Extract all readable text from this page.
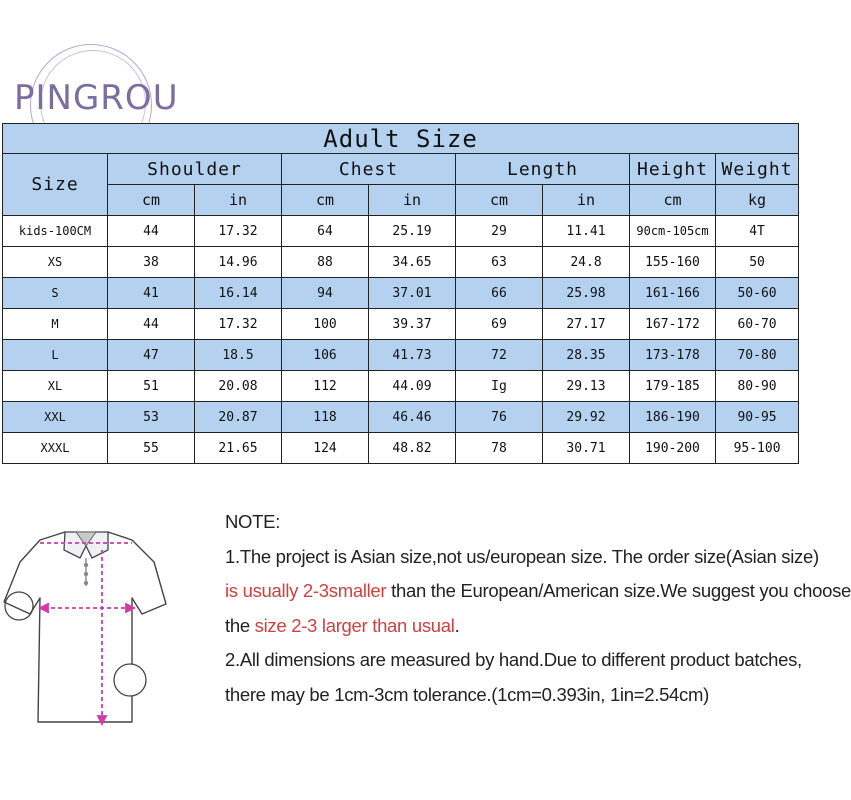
PINGROU
Adult Size								
Size	Shoulder		Chest		Length		Height	Weight
	cm	in	cm	in	cm	in	cm	kg
kids-100CM	44	17.32	64	25.19	29	11.41	90cm-105cm	4T
XS	38	14.96	88	34.65	63	24.8	155-160	50
S	41	16.14	94	37.01	66	25.98	161-166	50-60
M	44	17.32	100	39.37	69	27.17	167-172	60-70
L	47	18.5	106	41.73	72	28.35	173-178	70-80
XL	51	20.08	112	44.09	Ig	29.13	179-185	80-90
XXL	53	20.87	118	46.46	76	29.92	186-190	90-95
XXXL	55	21.65	124	48.82	78	30.71	190-200	95-100
NOTE:
1.The project is Asian size,not us/european size. The order size(Asian size)
is usually 2-3smaller than the European/American size.We suggest you choose
the size 2-3 larger than usual.
2.All dimensions are measured by hand.Due to different product batches,
there may be 1cm-3cm tolerance.(1cm=0.393in, 1in=2.54cm)
